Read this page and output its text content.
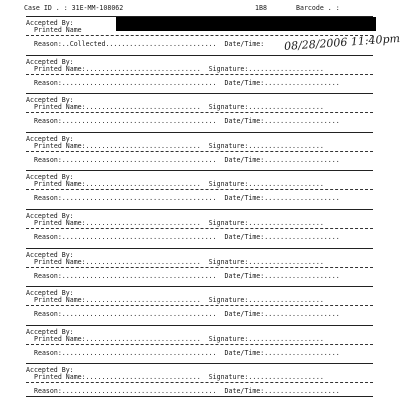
Case ID . : 31E-MM-108062	1B8	Barcode . :
Accepted By:
Printed Name
Reason:..Collected............................  Date/Time: 08/28/2006 11:40pm
Accepted By:
Printed Name:.............................  Signature:...................
Reason:.......................................  Date/Time:...................
Accepted By:
Printed Name:.............................  Signature:...................
Reason:.......................................  Date/Time:...................
Accepted By:
Printed Name:.............................  Signature:...................
Reason:.......................................  Date/Time:...................
Accepted By:
Printed Name:.............................  Signature:...................
Reason:.......................................  Date/Time:...................
Accepted By:
Printed Name:.............................  Signature:...................
Reason:.......................................  Date/Time:...................
Accepted By:
Printed Name:.............................  Signature:...................
Reason:.......................................  Date/Time:...................
Accepted By:
Printed Name:.............................  Signature:...................
Reason:.......................................  Date/Time:...................
Accepted By:
Printed Name:.............................  Signature:...................
Reason:.......................................  Date/Time:...................
Accepted By:
Printed Name:.............................  Signature:...................
Reason:.......................................  Date/Time:...................
